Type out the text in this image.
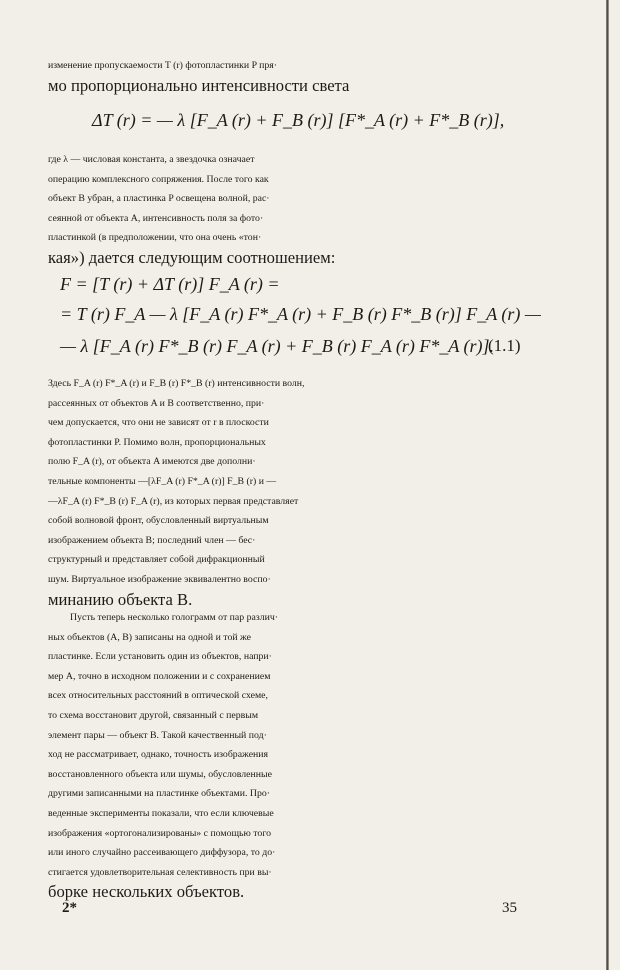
изменение пропускаемости T (r) фотопластинки P пря·
мо пропорционально интенсивности света
ΔT (r) = — λ [F_A (r) + F_B (r)] [F*_A (r) + F*_B (r)],
где λ — числовая константа, а звездочка означает
операцию комплексного сопряжения. После того как
объект B убран, а пластинка P освещена волной, рас·
сеянной от объекта A, интенсивность поля за фото·
пластинкой (в предположении, что она очень «тон·
кая») дается следующим соотношением:
F = [T (r) + ΔT (r)] F_A (r) =
= T (r) F_A — λ [F_A (r) F*_A (r) + F_B (r) F*_B (r)] F_A (r) —
— λ [F_A (r) F*_B (r) F_A (r) + F_B (r) F_A (r) F*_A (r)].
(1.1)
Здесь F_A (r) F*_A (r) и F_B (r) F*_B (r) интенсивности волн,
рассеянных от объектов A и B соответственно, при·
чем допускается, что они не зависят от r в плоскости
фотопластинки P. Помимо волн, пропорциональных
полю F_A (r), от объекта A имеются две дополни·
тельные компоненты —[λF_A (r) F*_A (r)] F_B (r) и —
—λF_A (r) F*_B (r) F_A (r), из которых первая представляет
собой волновой фронт, обусловленный виртуальным
изображением объекта B; последний член — бес·
структурный и представляет собой дифракционный
шум. Виртуальное изображение эквивалентно воспо·
минанию объекта B.
Пусть теперь несколько голограмм от пар различ·
ных объектов (A, B) записаны на одной и той же
пластинке. Если установить один из объектов, напри·
мер A, точно в исходном положении и с сохранением
всех относительных расстояний в оптической схеме,
то схема восстановит другой, связанный с первым
элемент пары — объект B. Такой качественный под·
ход не рассматривает, однако, точность изображения
восстановленного объекта или шумы, обусловленные
другими записанными на пластинке объектами. Про·
веденные эксперименты показали, что если ключевые
изображения «ортогонализированы» с помощью того
или иного случайно рассеивающего диффузора, то до·
стигается удовлетворительная селективность при вы·
борке нескольких объектов.
2*	35
